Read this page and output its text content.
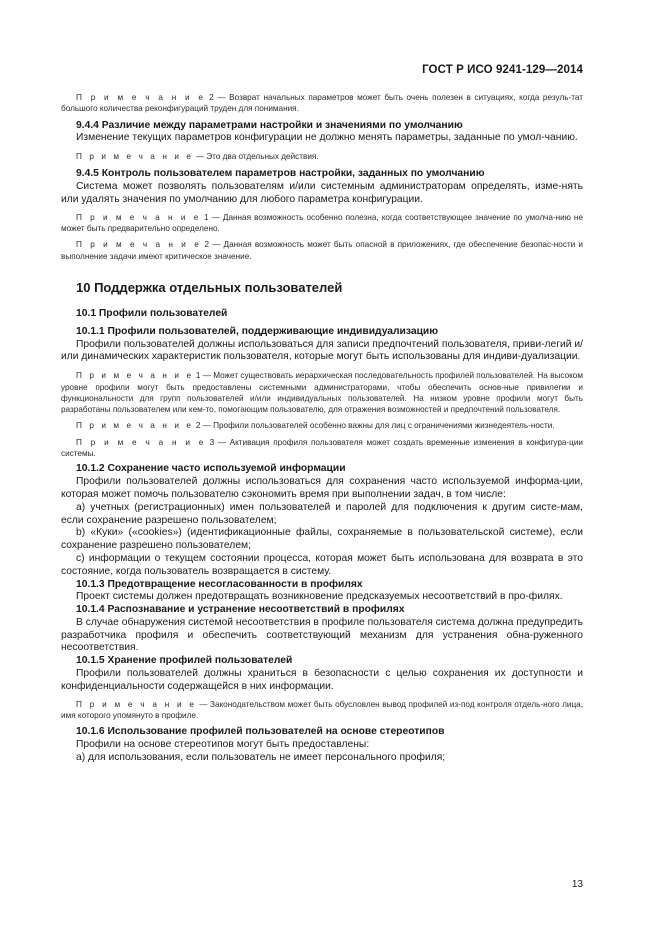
ГОСТ Р ИСО 9241-129—2014

П р и м е ч а н и е 2 — Возврат начальных параметров может быть очень полезен в ситуациях, когда резуль-тат большого количества реконфигураций труден для понимания.

9.4.4 Различие между параметрами настройки и значениями по умолчанию

Изменение текущих параметров конфигурации не должно менять параметры, заданные по умол-чанию.

П р и м е ч а н и е — Это два отдельных действия.

9.4.5 Контроль пользователем параметров настройки, заданных по умолчанию

Система может позволять пользователям и/или системным администраторам определять, изме-нять или удалять значения по умолчанию для любого параметра конфигурации.

П р и м е ч а н и е 1 — Данная возможность особенно полезна, когда соответствующее значение по умолча-нию не может быть предварительно определено.

П р и м е ч а н и е 2 — Данная возможность может быть опасной в приложениях, где обеспечение безопас-ности и выполнение задачи имеют критическое значение.

10 Поддержка отдельных пользователей

10.1 Профили пользователей

10.1.1 Профили пользователей, поддерживающие индивидуализацию

Профили пользователей должны использоваться для записи предпочтений пользователя, приви-легий и/или динамических характеристик пользователя, которые могут быть использованы для индиви-дуализации.

П р и м е ч а н и е 1 — Может существовать иерархическая последовательность профилей пользователей. На высоком уровне профили могут быть предоставлены системными администраторами, чтобы обеспечить основ-ные привилегии и функциональности для групп пользователей и/или индивидуальных пользователей. На низком уровне профили могут быть разработаны пользователем или кем-то, помогающим пользователю, для отражения возможностей и предпочтений пользователя.

П р и м е ч а н и е 2 — Профили пользователей особенно важны для лиц с ограничениями жизнедеятель-ности.

П р и м е ч а н и е 3 — Активация профиля пользователя может создать временные изменения в конфигура-ции системы.

10.1.2 Сохранение часто используемой информации

Профили пользователей должны использоваться для сохранения часто используемой информа-ции, которая может помочь пользователю сэкономить время при выполнении задач, в том числе:

а) учетных (регистрационных) имен пользователей и паролей для подключения к другим систе-мам, если сохранение разрешено пользователем;

b) «Куки» («cookies») (идентификационные файлы, сохраняемые в пользовательской системе), если сохранение разрешено пользователем;

с) информации о текущем состоянии процесса, которая может быть использована для возврата в это состояние, когда пользователь возвращается в систему.

10.1.3 Предотвращение несогласованности в профилях

Проект системы должен предотвращать возникновение предсказуемых несоответствий в про-филях.

10.1.4 Распознавание и устранение несоответствий в профилях

В случае обнаружения системой несоответствия в профиле пользователя система должна предупредить разработчика профиля и обеспечить соответствующий механизм для устранения обна-руженного несоответствия.

10.1.5 Хранение профилей пользователей

Профили пользователей должны храниться в безопасности с целью сохранения их доступности и конфиденциальности содержащейся в них информации.

П р и м е ч а н и е — Законодательством может быть обусловлен вывод профилей из-под контроля отдель-ного лица, имя которого упомянуто в профиле.

10.1.6 Использование профилей пользователей на основе стереотипов

Профили на основе стереотипов могут быть предоставлены:

а) для использования, если пользователь не имеет персонального профиля;

13
